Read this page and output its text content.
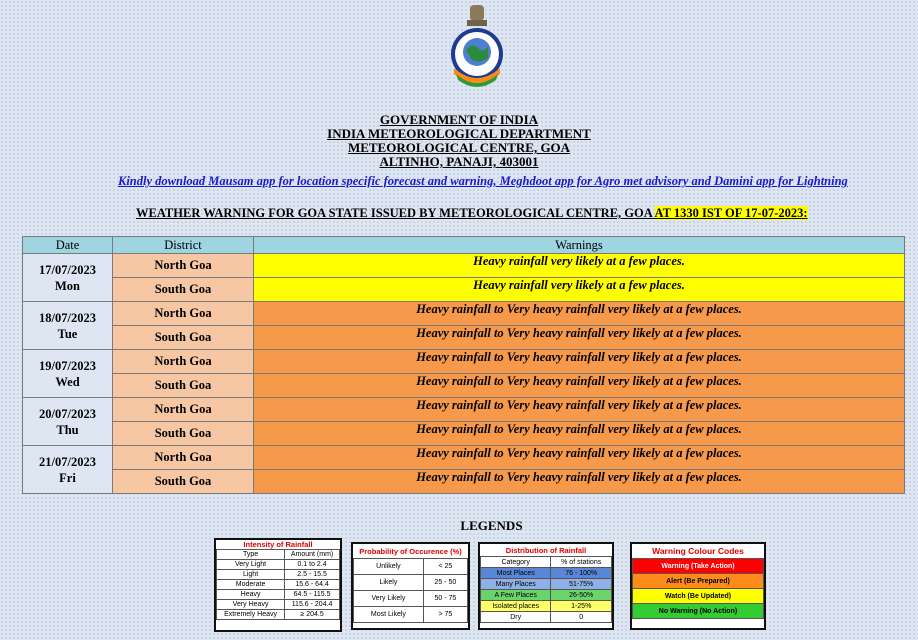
GOVERNMENT OF INDIA
INDIA METEOROLOGICAL DEPARTMENT
METEOROLOGICAL CENTRE, GOA
ALTINHO, PANAJI, 403001
Kindly download Mausam app for location specific forecast and warning, Meghdoot app for Agro met advisory and Damini app for Lightning
WEATHER WARNING FOR GOA STATE ISSUED BY METEOROLOGICAL CENTRE, GOA AT 1330 IST OF 17-07-2023:
Date	District	Warnings
17/07/2023
Mon	North Goa	Heavy rainfall very likely at a few places.
	South Goa	Heavy rainfall very likely at a few places.
18/07/2023
Tue	North Goa	Heavy rainfall to Very heavy rainfall very likely at a few places.
	South Goa	Heavy rainfall to Very heavy rainfall very likely at a few places.
19/07/2023
Wed	North Goa	Heavy rainfall to Very heavy rainfall very likely at a few places.
	South Goa	Heavy rainfall to Very heavy rainfall very likely at a few places.
20/07/2023
Thu	North Goa	Heavy rainfall to Very heavy rainfall very likely at a few places.
	South Goa	Heavy rainfall to Very heavy rainfall very likely at a few places.
21/07/2023
Fri	North Goa	Heavy rainfall to Very heavy rainfall very likely at a few places.
	South Goa	Heavy rainfall to Very heavy rainfall very likely at a few places.
LEGENDS
Intensity of Rainfall	
Type	Amount (mm)
Very Light	0.1 to 2.4
Light	2.5 - 15.5
Moderate	15.6 - 64.4
Heavy	64.5 - 115.5
Very Heavy	115.6 - 204.4
Extremely Heavy	≥ 204.5
Probability of Occurence (%)	
Unlikely	< 25
Likely	25 - 50
Very Likely	50 - 75
Most Likely	> 75
Distribution of Rainfall	
Category	% of stations
Most Places	76 - 100%
Many Places	51-75%
A Few Places	26-50%
Isolated places	1-25%
Dry	0
Warning Colour Codes
Warning (Take Action)
Alert (Be Prepared)
Watch (Be Updated)
No Warning (No Action)
